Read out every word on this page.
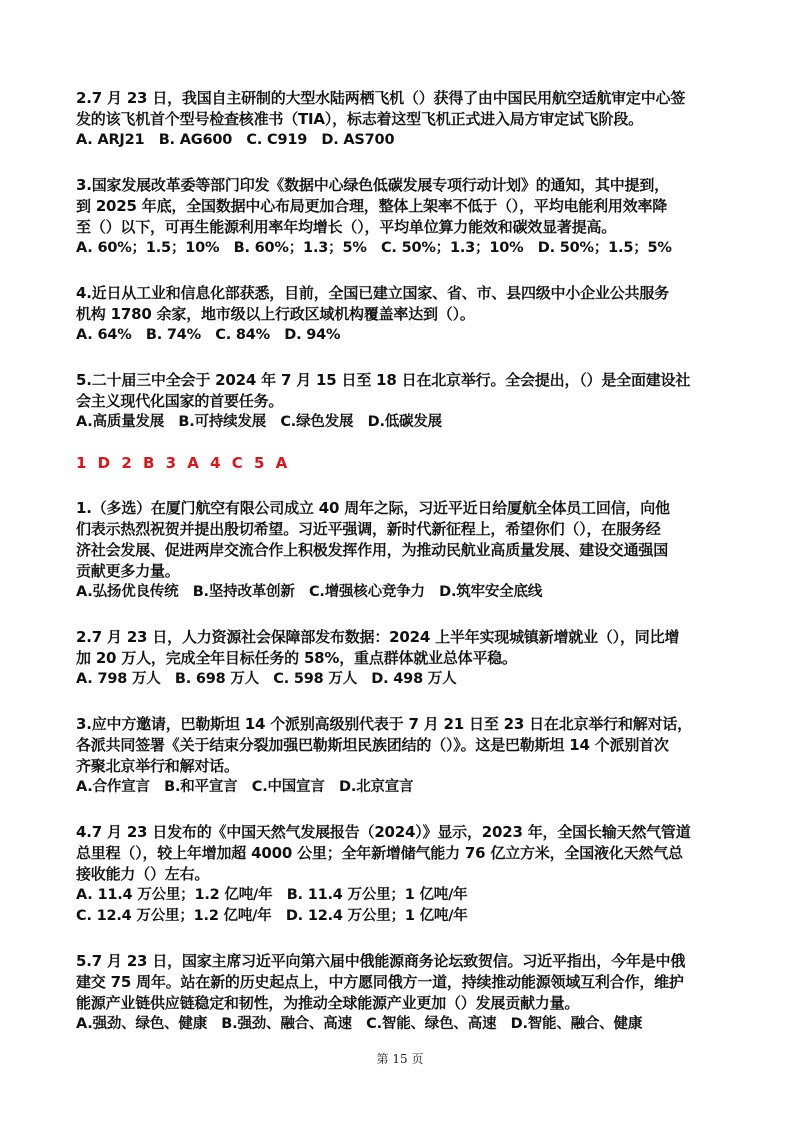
2.7 月 23 日，我国自主研制的大型水陆两栖飞机（）获得了由中国民用航空适航审定中心签
发的该飞机首个型号检查核准书（TIA），标志着这型飞机正式进入局方审定试飞阶段。
A. ARJ21　B. AG600　C. C919　D. AS700
3.国家发展改革委等部门印发《数据中心绿色低碳发展专项行动计划》的通知，其中提到，
到 2025 年底，全国数据中心布局更加合理，整体上架率不低于（），平均电能利用效率降
至（）以下，可再生能源利用率年均增长（），平均单位算力能效和碳效显著提高。
A. 60%；1.5；10%　B. 60%；1.3；5%　C. 50%；1.3；10%　D. 50%；1.5；5%
4.近日从工业和信息化部获悉，目前，全国已建立国家、省、市、县四级中小企业公共服务
机构 1780 余家，地市级以上行政区域机构覆盖率达到（）。
A. 64%　B. 74%　C. 84%　D. 94%
5.二十届三中全会于 2024 年 7 月 15 日至 18 日在北京举行。全会提出，（）是全面建设社
会主义现代化国家的首要任务。
A.高质量发展　B.可持续发展　C.绿色发展　D.低碳发展
1 D 2 B 3 A 4 C 5 A
1.（多选）在厦门航空有限公司成立 40 周年之际，习近平近日给厦航全体员工回信，向他
们表示热烈祝贺并提出殷切希望。习近平强调，新时代新征程上，希望你们（），在服务经
济社会发展、促进两岸交流合作上积极发挥作用，为推动民航业高质量发展、建设交通强国
贡献更多力量。
A.弘扬优良传统　B.坚持改革创新　C.增强核心竞争力　D.筑牢安全底线
2.7 月 23 日，人力资源社会保障部发布数据：2024 上半年实现城镇新增就业（），同比增
加 20 万人，完成全年目标任务的 58%，重点群体就业总体平稳。
A. 798 万人　B. 698 万人　C. 598 万人　D. 498 万人
3.应中方邀请，巴勒斯坦 14 个派别高级别代表于 7 月 21 日至 23 日在北京举行和解对话，
各派共同签署《关于结束分裂加强巴勒斯坦民族团结的（）》。这是巴勒斯坦 14 个派别首次
齐聚北京举行和解对话。
A.合作宣言　B.和平宣言　C.中国宣言　D.北京宣言
4.7 月 23 日发布的《中国天然气发展报告（2024）》显示，2023 年，全国长输天然气管道
总里程（），较上年增加超 4000 公里；全年新增储气能力 76 亿立方米，全国液化天然气总
接收能力（）左右。
A. 11.4 万公里；1.2 亿吨/年　B. 11.4 万公里；1 亿吨/年
C. 12.4 万公里；1.2 亿吨/年　D. 12.4 万公里；1 亿吨/年
5.7 月 23 日，国家主席习近平向第六届中俄能源商务论坛致贺信。习近平指出，今年是中俄
建交 75 周年。站在新的历史起点上，中方愿同俄方一道，持续推动能源领域互利合作，维护
能源产业链供应链稳定和韧性，为推动全球能源产业更加（）发展贡献力量。
A.强劲、绿色、健康　B.强劲、融合、高速　C.智能、绿色、高速　D.智能、融合、健康
第 15 页
